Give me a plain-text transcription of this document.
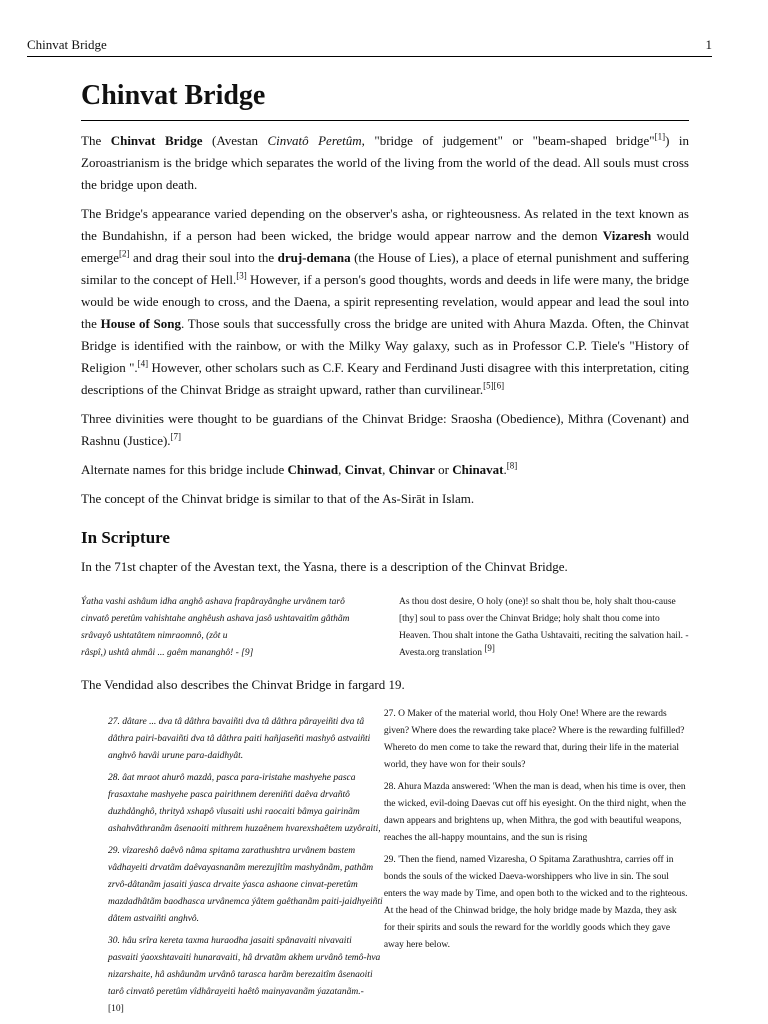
Chinvat Bridge	1
Chinvat Bridge

The Chinvat Bridge (Avestan Cinvatô Peretûm, "bridge of judgement" or "beam-shaped bridge"[1]) in Zoroastrianism is the bridge which separates the world of the living from the world of the dead. All souls must cross the bridge upon death.

The Bridge's appearance varied depending on the observer's asha, or righteousness. As related in the text known as the Bundahishn, if a person had been wicked, the bridge would appear narrow and the demon Vizaresh would emerge[2] and drag their soul into the druj-demana (the House of Lies), a place of eternal punishment and suffering similar to the concept of Hell.[3] However, if a person's good thoughts, words and deeds in life were many, the bridge would be wide enough to cross, and the Daena, a spirit representing revelation, would appear and lead the soul into the House of Song. Those souls that successfully cross the bridge are united with Ahura Mazda. Often, the Chinvat Bridge is identified with the rainbow, or with the Milky Way galaxy, such as in Professor C.P. Tiele's "History of Religion ".[4] However, other scholars such as C.F. Keary and Ferdinand Justi disagree with this interpretation, citing descriptions of the Chinvat Bridge as straight upward, rather than curvilinear.[5][6]

Three divinities were thought to be guardians of the Chinvat Bridge: Sraosha (Obedience), Mithra (Covenant) and Rashnu (Justice).[7]

Alternate names for this bridge include Chinwad, Cinvat, Chinvar or Chinavat.[8]

The concept of the Chinvat bridge is similar to that of the As-Sirāt in Islam.

In Scripture

In the 71st chapter of the Avestan text, the Yasna, there is a description of the Chinvat Bridge.

Ýatha vashi ashâum idha anghô ashava frapârayânghe urvânem tarô cinvatô peretûm vahishtahe anghêush ashava jasô ushtavaitîm gâthãm srâvayô ushtatâtem nimraomnô, (zôt u
râspî,) ushtâ ahmâi ... gaêm mananghô! - [9]
As thou dost desire, O holy (one)! so shalt thou be, holy shalt thou-cause [thy] soul to pass over the Chinvat Bridge; holy shalt thou come into Heaven. Thou shalt intone the Gatha Ushtavaiti, reciting the salvation hail. - Avesta.org translation [9]

The Vendidad also describes the Chinvat Bridge in fargard 19.

27. dâtare ... dva tâ dâthra bavaiñti dva tâ dâthra pârayeiñti dva tâ dâthra pairi-bavaiñti dva tâ dâthra paiti hañjaseñti mashyô astvaiñti anghvô havâi urune para-daidhyât.
28. âat mraot ahurô mazdå, pasca para-iristahe mashyehe pasca frasaxtahe mashyehe pasca pairithnem dereniñti daêva drvañtô duzhdånghô, thrityå xshapô vîusaiti ushi raocaiti bâmya gairinãm ashahvâthranãm âsenaoiti mithrem huzaênem hvarexshaêtem uzyôraiti,
29. vîzareshô daêvô nâma spitama zarathushtra urvânem bastem vâdhayeiti drvatãm daêvayasnanãm merezujîtîm mashyânãm, pathãm zrvô-dâtanãm jasaiti ýasca drvaite ýasca ashaone cinvat-peretûm mazdadhâtãm baodhasca urvânemca ýâtem gaêthanãm paiti-jaidhyeiñti dâtem astvaiñti anghvô.
30. hâu srîra kereta taxma huraodha jasaiti spânavaiti nivavaiti pasvaiti ýaoxshtavaiti hunaravaiti, hâ drvatãm akhem urvânô temô-hva nizarshaite, hâ ashâunãm urvânô tarasca harãm berezaitîm âsenaoiti tarô cinvatô peretûm vîdhârayeiti haêtô mainyavanãm ýazatanãm.-
[10]
27. O Maker of the material world, thou Holy One! Where are the rewards given? Where does the rewarding take place? Where is the rewarding fulfilled? Whereto do men come to take the reward that, during their life in the material world, they have won for their souls?
28. Ahura Mazda answered: 'When the man is dead, when his time is over, then the wicked, evil-doing Daevas cut off his eyesight. On the third night, when the dawn appears and brightens up, when Mithra, the god with beautiful weapons, reaches the all-happy mountains, and the sun is rising
29. 'Then the fiend, named Vizaresha, O Spitama Zarathushtra, carries off in bonds the souls of the wicked Daeva-worshippers who live in sin. The soul enters the way made by Time, and open both to the wicked and to the righteous. At the head of the Chinwad bridge, the holy bridge made by Mazda, they ask for their spirits and souls the reward for the worldly goods which they gave away here below.
